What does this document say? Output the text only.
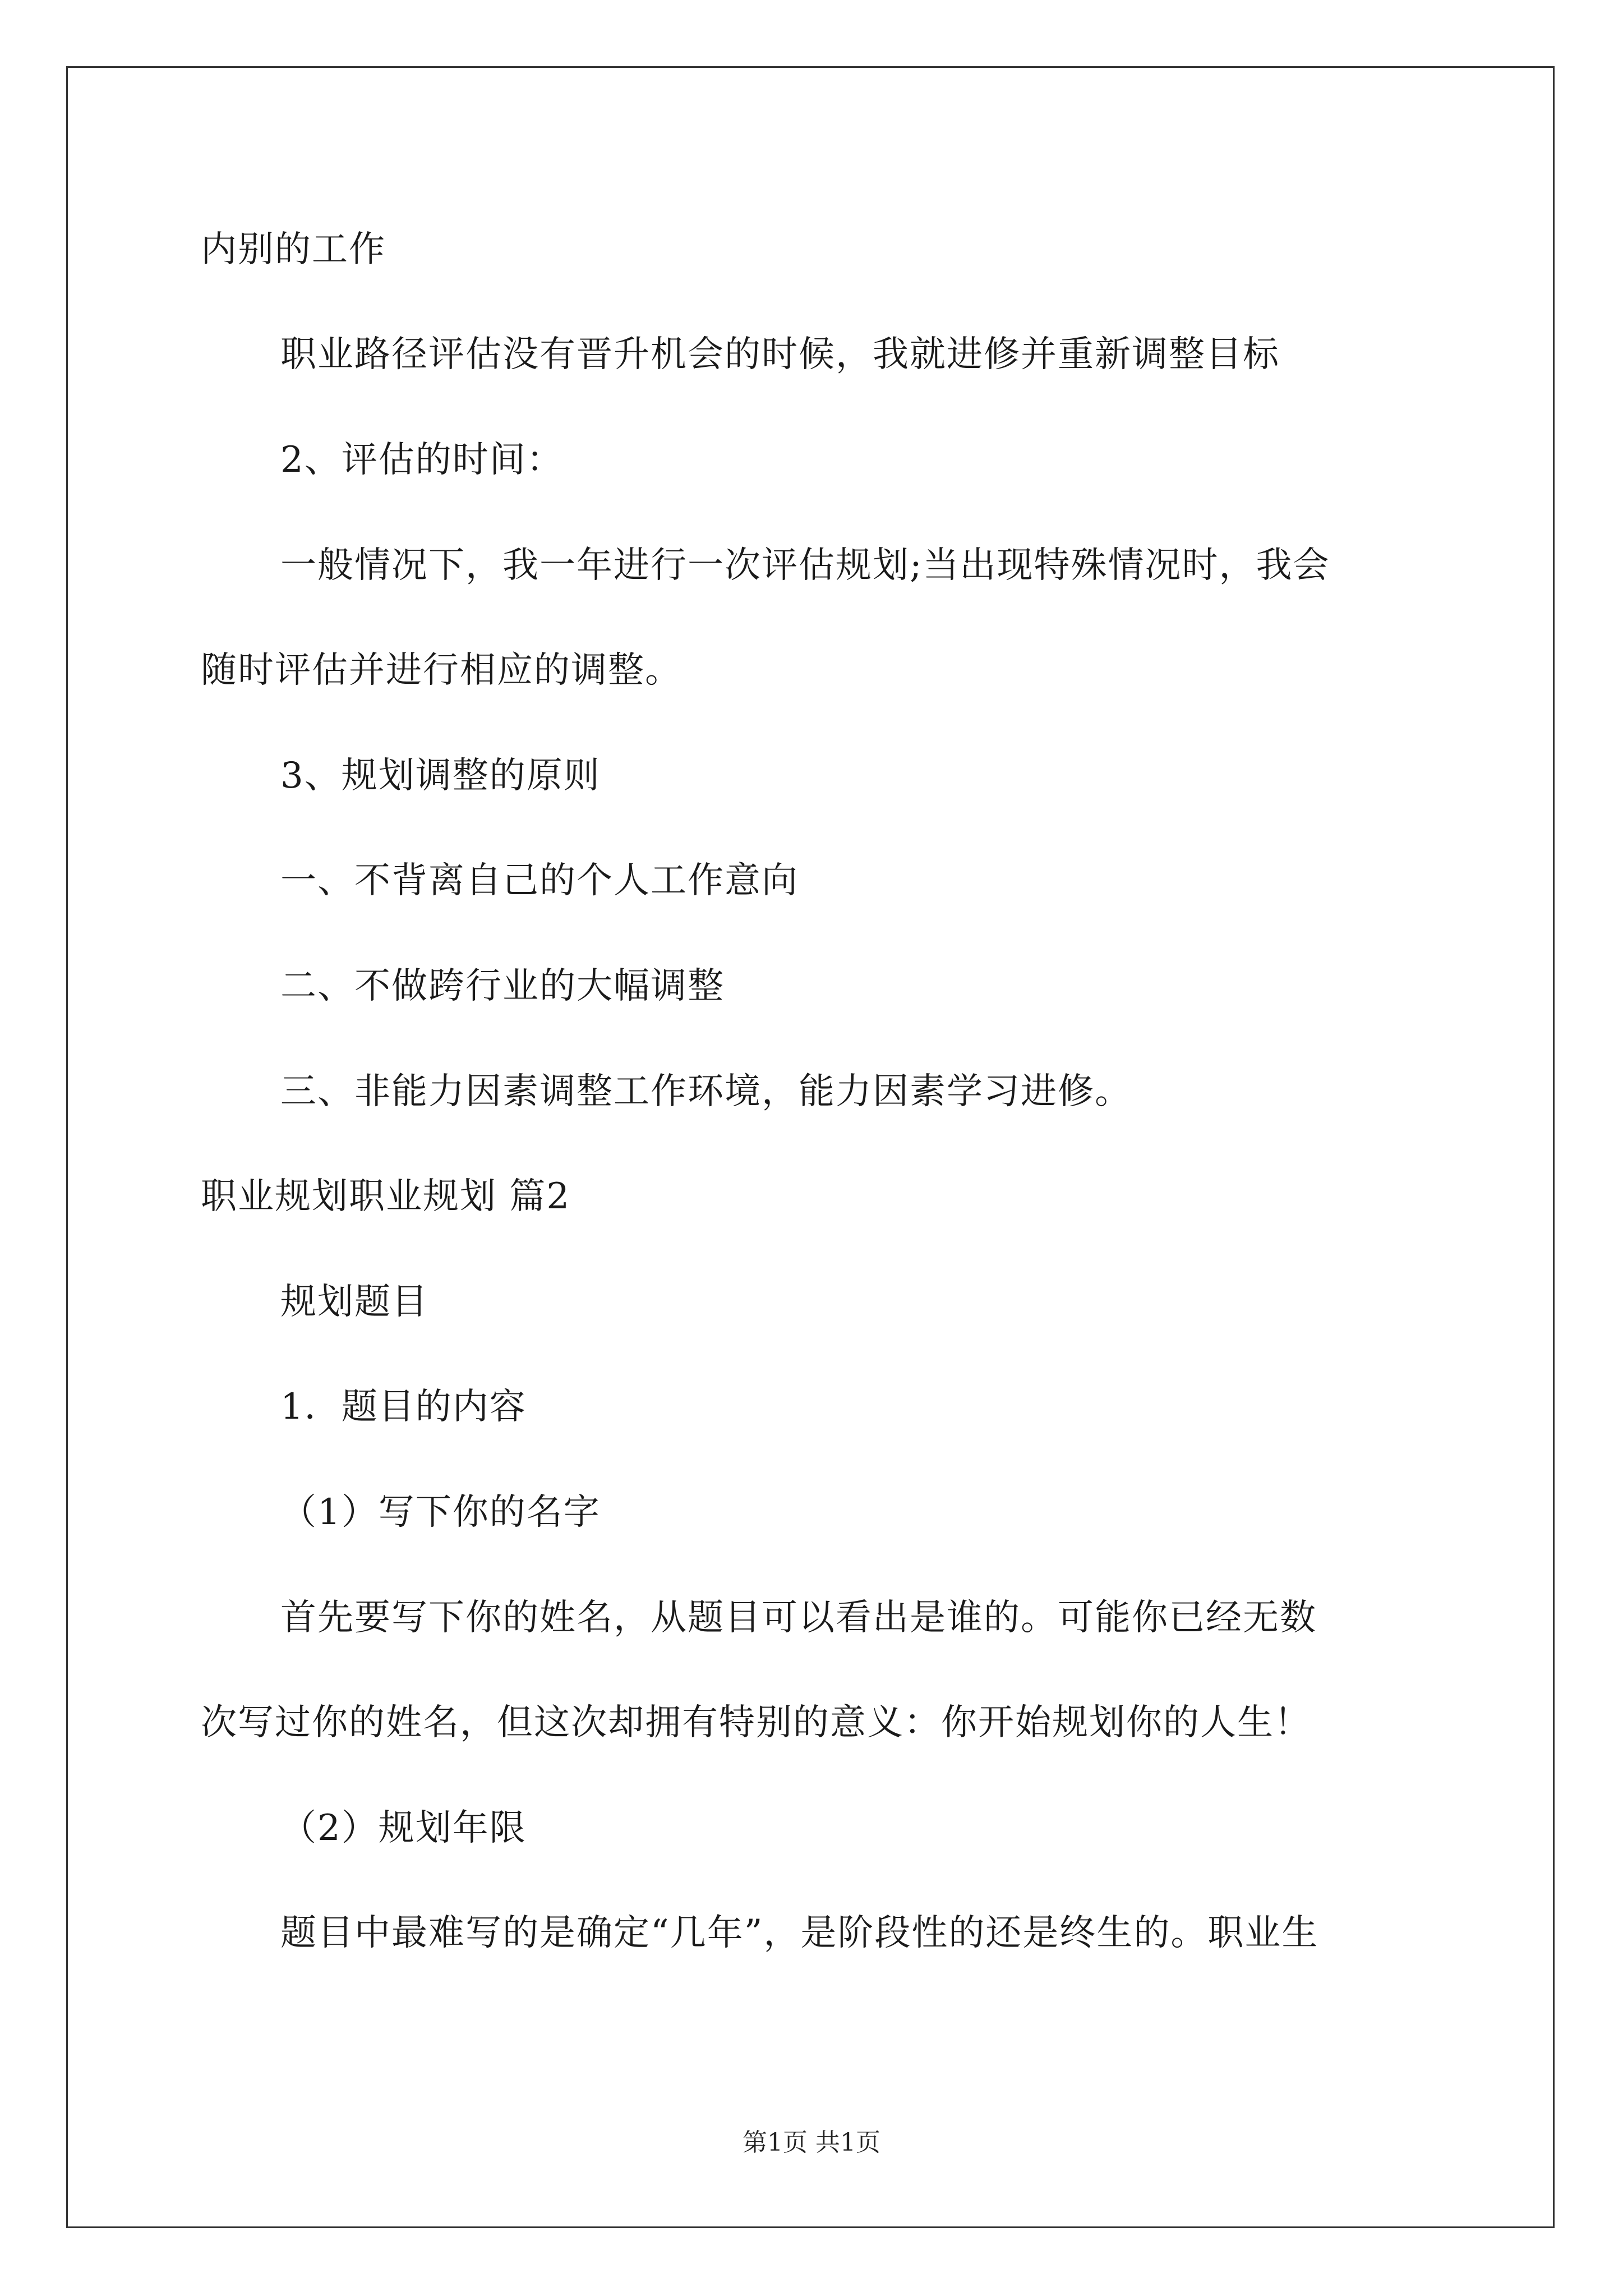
内别的工作
职业路径评估没有晋升机会的时候，我就进修并重新调整目标
2、评估的时间：
一般情况下，我一年进行一次评估规划;当出现特殊情况时，我会
随时评估并进行相应的调整。
3、规划调整的原则
一、不背离自己的个人工作意向
二、不做跨行业的大幅调整
三、非能力因素调整工作环境，能力因素学习进修。
职业规划职业规划 篇2
规划题目
1．题目的内容
（1）写下你的名字
首先要写下你的姓名，从题目可以看出是谁的。可能你已经无数
次写过你的姓名，但这次却拥有特别的意义：你开始规划你的人生！
（2）规划年限
题目中最难写的是确定“几年”，是阶段性的还是终生的。职业生
第1页 共1页
